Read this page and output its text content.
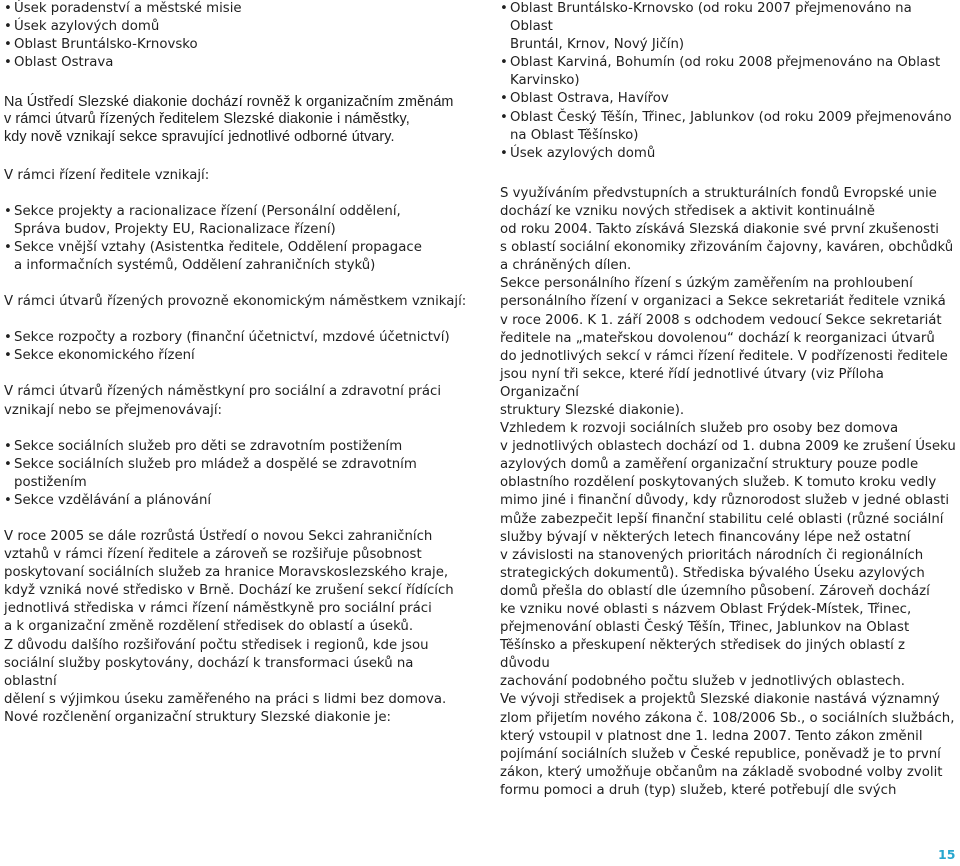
• Úsek poradenství a městské misie
• Úsek azylových domů
• Oblast Bruntálsko-Krnovsko
• Oblast Ostrava

Na Ústředí Slezské diakonie dochází rovněž k organizačním změnám
v rámci útvarů řízených ředitelem Slezské diakonie i náměstky,
kdy nově vznikají sekce spravující jednotlivé odborné útvary.

V rámci řízení ředitele vznikají:

• Sekce projekty a racionalizace řízení (Personální oddělení,
Správa budov, Projekty EU, Racionalizace řízení)
• Sekce vnější vztahy (Asistentka ředitele, Oddělení propagace
a informačních systémů, Oddělení zahraničních styků)

V rámci útvarů řízených provozně ekonomickým náměstkem vznikají:

• Sekce rozpočty a rozbory (finanční účetnictví, mzdové účetnictví)
• Sekce ekonomického řízení

V rámci útvarů řízených náměstkyní pro sociální a zdravotní práci
vznikají nebo se přejmenovávají:

• Sekce sociálních služeb pro děti se zdravotním postižením
• Sekce sociálních služeb pro mládež a dospělé se zdravotním
postižením
• Sekce vzdělávání a plánování

V roce 2005 se dále rozrůstá Ústředí o novou Sekci zahraničních
vztahů v rámci řízení ředitele a zároveň se rozšiřuje působnost
poskytovaní sociálních služeb za hranice Moravskoslezského kraje,
když vzniká nové středisko v Brně. Dochází ke zrušení sekcí řídících
jednotlivá střediska v rámci řízení náměstkyně pro sociální práci
a k organizační změně rozdělení středisek do oblastí a úseků.
Z důvodu dalšího rozšiřování počtu středisek i regionů, kde jsou
sociální služby poskytovány, dochází k transformaci úseků na oblastní
dělení s výjimkou úseku zaměřeného na práci s lidmi bez domova.
Nové rozčlenění organizační struktury Slezské diakonie je:

• Oblast Bruntálsko-Krnovsko (od roku 2007 přejmenováno na Oblast
Bruntál, Krnov, Nový Jičín)
• Oblast Karviná, Bohumín (od roku 2008 přejmenováno na Oblast
Karvinsko)
• Oblast Ostrava, Havířov
• Oblast Český Těšín, Třinec, Jablunkov (od roku 2009 přejmenováno
na Oblast Těšínsko)
• Úsek azylových domů

S využíváním předvstupních a strukturálních fondů Evropské unie
dochází ke vzniku nových středisek a aktivit kontinuálně
od roku 2004. Takto získává Slezská diakonie své první zkušenosti
s oblastí sociální ekonomiky zřizováním čajovny, kaváren, obchůdků
a chráněných dílen.
Sekce personálního řízení s úzkým zaměřením na prohloubení
personálního řízení v organizaci a Sekce sekretariát ředitele vzniká
v roce 2006. K 1. září 2008 s odchodem vedoucí Sekce sekretariát
ředitele na „mateřskou dovolenou“ dochází k reorganizaci útvarů
do jednotlivých sekcí v rámci řízení ředitele. V podřízenosti ředitele
jsou nyní tři sekce, které řídí jednotlivé útvary (viz Příloha Organizační
struktury Slezské diakonie).
Vzhledem k rozvoji sociálních služeb pro osoby bez domova
v jednotlivých oblastech dochází od 1. dubna 2009 ke zrušení Úseku
azylových domů a zaměření organizační struktury pouze podle
oblastního rozdělení poskytovaných služeb. K tomuto kroku vedly
mimo jiné i finanční důvody, kdy různorodost služeb v jedné oblasti
může zabezpečit lepší finanční stabilitu celé oblasti (různé sociální
služby bývají v některých letech financovány lépe než ostatní
v závislosti na stanovených prioritách národních či regionálních
strategických dokumentů). Střediska bývalého Úseku azylových
domů přešla do oblastí dle územního působení. Zároveň dochází
ke vzniku nové oblasti s názvem Oblast Frýdek-Místek, Třinec,
přejmenování oblasti Český Těšín, Třinec, Jablunkov na Oblast
Těšínsko a přeskupení některých středisek do jiných oblastí z důvodu
zachování podobného počtu služeb v jednotlivých oblastech.
Ve vývoji středisek a projektů Slezské diakonie nastává významný
zlom přijetím nového zákona č. 108/2006 Sb., o sociálních službách,
který vstoupil v platnost dne 1. ledna 2007. Tento zákon změnil
pojímání sociálních služeb v České republice, poněvadž je to první
zákon, který umožňuje občanům na základě svobodné volby zvolit
formu pomoci a druh (typ) služeb, které potřebují dle svých

15
